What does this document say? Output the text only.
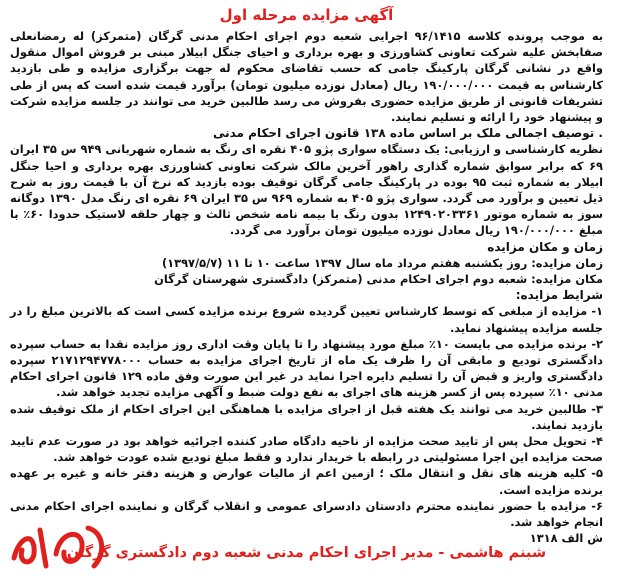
آگهی مزایده مرحله اول

به موجب پرونده کلاسه ۹۶/۱۴۱۵ اجرایی شعبه دوم اجرای احکام مدنی گرگان (متمرکز) له رمضانعلی صفابخش علیه شرکت تعاونی کشاورزی و بهره برداری و احیای جنگل ابیلار مبنی بر فروش اموال منقول واقع در نشانی گرگان پارکینگ جامی که حسب تقاضای محکوم له جهت برگزاری مزایده و طی بازدید کارشناس به قیمت ۱۹۰/۰۰۰/۰۰۰ ریال (معادل نوزده میلیون تومان) برآورد قیمت شده است که پس از طی تشریفات قانونی از طریق مزایده حضوری بفروش می رسد طالبین خرید می توانند در جلسه مزایده شرکت و پیشنهاد خود را ارائه و تسلیم نمایند.

. توصیف اجمالی ملک بر اساس ماده ۱۳۸ قانون اجرای احکام مدنی

نظریه کارشناسی و ارزیابی: یک دستگاه سواری پژو ۴۰۵ نقره ای رنگ به شماره شهربانی ۹۴۹ س ۳۵ ایران ۶۹ که برابر سوابق شماره گذاری راهور آخرین مالک شرکت تعاونی کشاورزی بهره برداری و احیا جنگل ابیلار به شماره ثبت ۹۵ بوده در پارکینگ جامی گرگان توقیف بوده بازدید که نرخ آن با قیمت روز به شرح ذیل تعیین و برآورد می گردد. سواری پژو ۴۰۵ به شماره ۹۶۹ س ۳۵ ایران ۶۹ نقره ای رنگ مدل ۱۳۹۰ دوگانه سوز به شماره موتور ۱۲۴۹۰۲۰۳۳۶۱ بدون رنگ با بیمه نامه شخص ثالث و چهار حلقه لاستیک حدودا ۶۰٪ با مبلغ ۱۹۰/۰۰۰/۰۰۰ ریال معادل نوزده میلیون تومان برآورد می گردد.

زمان و مکان مزایده

زمان مزایده: روز یکشنبه هفتم مرداد ماه سال ۱۳۹۷ ساعت ۱۰ تا ۱۱ (۱۳۹۷/۵/۷)

مکان مزایده: شعبه دوم اجرای احکام مدنی (متمرکز) دادگستری شهرستان گرگان

شرایط مزایده:

۱- مزایده از مبلغی که توسط کارشناس تعیین گردیده شروع برنده مزایده کسی است که بالاترین مبلغ را در جلسه مزایده پیشنهاد نماید.

۲- برنده مزایده می بایست ۱۰٪ مبلغ مورد پیشنهاد را تا پایان وقت اداری روز مزایده نقدا به حساب سپرده دادگستری تودیع و مابقی آن را ظرف یک ماه از تاریخ اجرای مزایده به حساب ۲۱۷۱۲۹۴۷۷۸۰۰۰ سپرده دادگستری واریز و قبض آن را تسلیم دایره اجرا نماید در غیر این صورت وفق ماده ۱۲۹ قانون اجرای احکام مدنی ۱۰٪ سپرده پس از کسر هزینه های اجرای به نفع دولت ضبط و آگهی مزایده تجدید خواهد شد.

۳- طالبین خرید می توانند یک هفته قبل از اجرای مزایده با هماهنگی این اجرای احکام از ملک توقیف شده بازدید نمایند.

۴- تحویل محل پس از تایید صحت مزایده از ناحیه دادگاه صادر کننده اجرائیه خواهد بود در صورت عدم تایید صحت مزایده این اجرا مسئولیتی در رابطه با خریدار ندارد و فقط مبلغ تودیع شده عودت خواهد شد.

۵- کلیه هزینه های نقل و انتقال ملک ؛ ازمین اعم از مالیات عوارض و هزینه دفتر خانه و غیره بر عهده برنده مزایده است.

۶- مزایده با حضور نماینده محترم دادستان دادسرای عمومی و انقلاب گرگان و نماینده اجرای احکام مدنی انجام خواهد شد.

ش الف ۱۳۱۸

شبنم هاشمی - مدیر اجرای احکام مدنی شعبه دوم دادگستری گرگان
